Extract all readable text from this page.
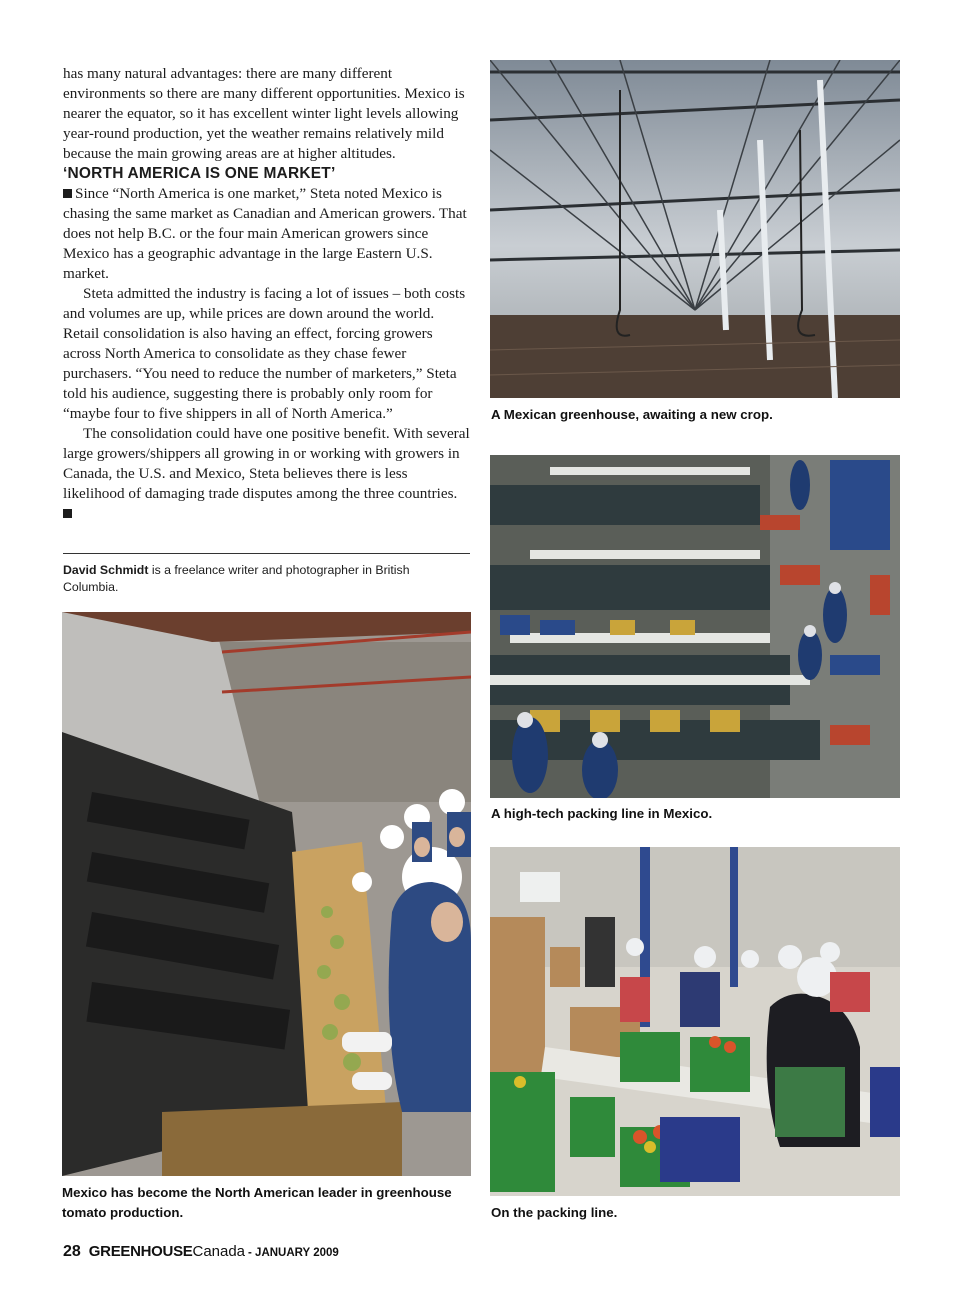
has many natural advantages: there are many different environments so there are many different opportunities. Mexico is nearer the equator, so it has excellent winter light levels allowing year-round production, yet the weather remains relatively mild because the main growing areas are at higher altitudes.

‘NORTH AMERICA IS ONE MARKET’

Since “North America is one market,” Steta noted Mexico is chasing the same market as Canadian and American growers. That does not help B.C. or the four main American growers since Mexico has a geographic advantage in the large Eastern U.S. market.

Steta admitted the industry is facing a lot of issues – both costs and volumes are up, while prices are down around the world. Retail consolidation is also having an effect, forcing growers across North America to consolidate as they chase fewer purchasers. “You need to reduce the number of marketers,” Steta told his audience, suggesting there is probably only room for “maybe four to five shippers in all of North America.”

The consolidation could have one positive benefit. With several large growers/shippers all growing in or working with growers in Canada, the U.S. and Mexico, Steta believes there is less likelihood of damaging trade disputes among the three countries.

David Schmidt is a freelance writer and photographer in British Columbia.
A Mexican greenhouse, awaiting a new crop.
A high-tech packing line in Mexico.
Mexico has become the North American leader in greenhouse tomato production.	On the packing line.
28 GREENHOUSE Canada - JANUARY 2009
